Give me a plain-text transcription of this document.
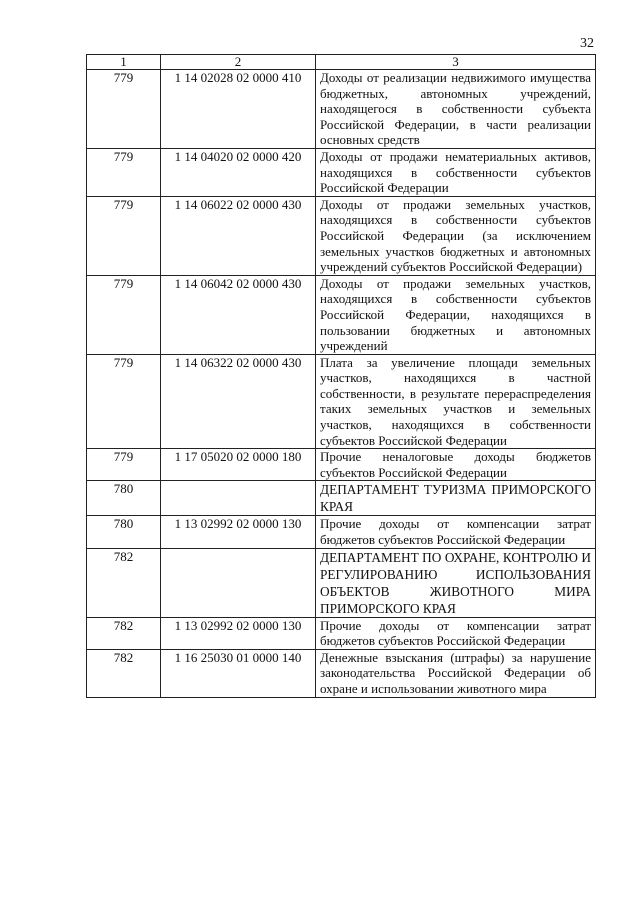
32
1	2	3
779	1 14 02028 02 0000 410	Доходы от реализации недвижимого имущества бюджетных, автономных учреждений, находящегося в собственности субъекта Российской Федерации, в части реализации основных средств
779	1 14 04020 02 0000 420	Доходы от продажи нематериальных активов, находящихся в собственности субъектов Российской Федерации
779	1 14 06022 02 0000 430	Доходы от продажи земельных участков, находящихся в собственности субъектов Российской Федерации (за исключением земельных участков бюджетных и автономных учреждений субъектов Российской Федерации)
779	1 14 06042 02 0000 430	Доходы от продажи земельных участков, находящихся в собственности субъектов Российской Федерации, находящихся в пользовании бюджетных и автономных учреждений
779	1 14 06322 02 0000 430	Плата за увеличение площади земельных участков, находящихся в частной собственности, в результате перераспределения таких земельных участков и земельных участков, находящихся в собственности субъектов Российской Федерации
779	1 17 05020 02 0000 180	Прочие неналоговые доходы бюджетов субъектов Российской Федерации
780		ДЕПАРТАМЕНТ ТУРИЗМА ПРИМОРСКОГО КРАЯ
780	1 13 02992 02 0000 130	Прочие доходы от компенсации затрат бюджетов субъектов Российской Федерации
782		ДЕПАРТАМЕНТ ПО ОХРАНЕ, КОНТРОЛЮ И РЕГУЛИРОВАНИЮ ИСПОЛЬЗОВАНИЯ ОБЪЕКТОВ ЖИВОТНОГО МИРА ПРИМОРСКОГО КРАЯ
782	1 13 02992 02 0000 130	Прочие доходы от компенсации затрат бюджетов субъектов Российской Федерации
782	1 16 25030 01 0000 140	Денежные взыскания (штрафы) за нарушение законодательства Российской Федерации об охране и использовании животного мира
